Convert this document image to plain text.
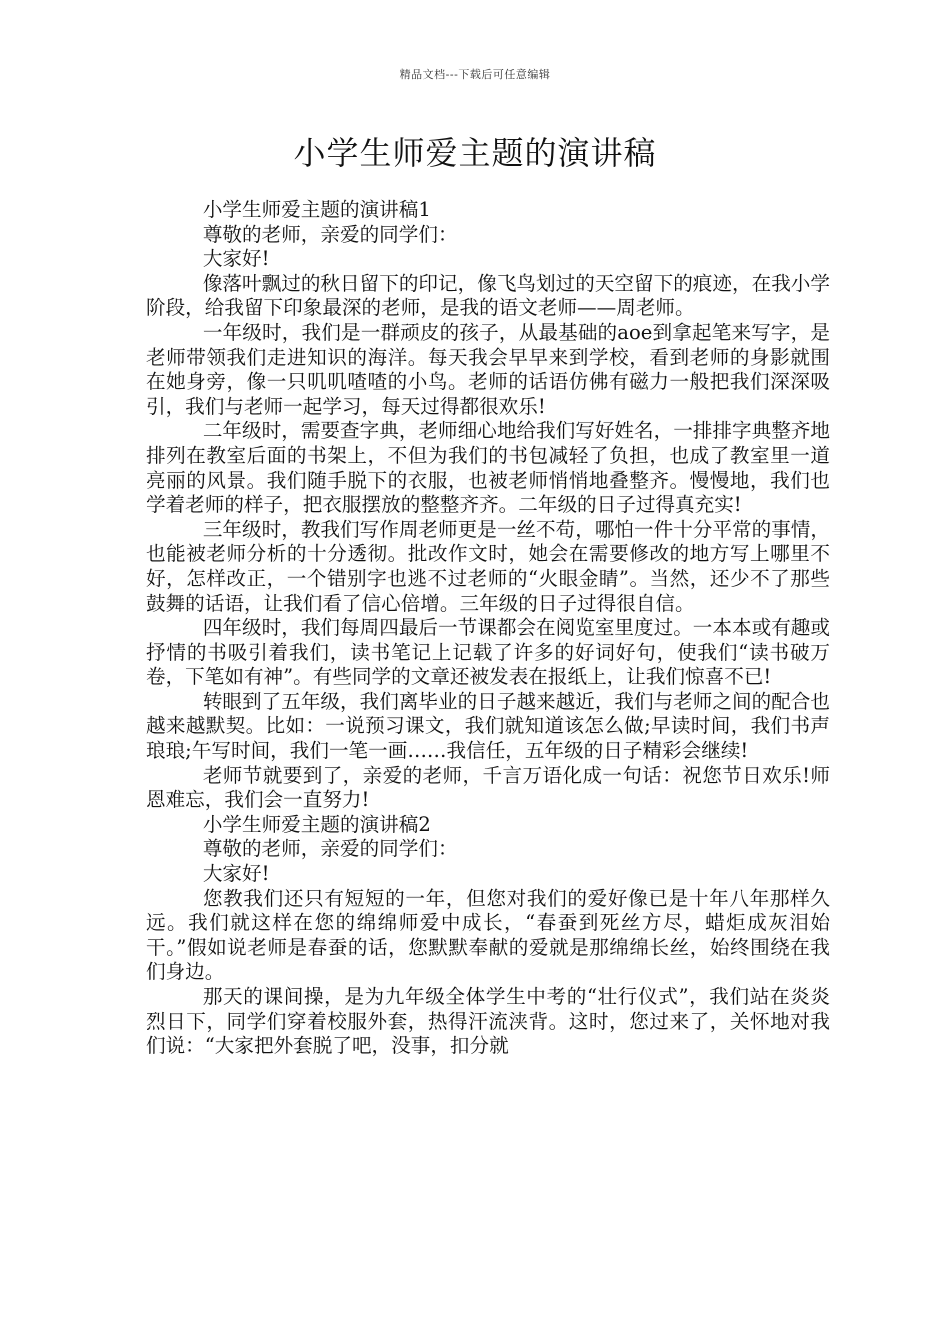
精品文档---下载后可任意编辑
小学生师爱主题的演讲稿

小学生师爱主题的演讲稿1

尊敬的老师，亲爱的同学们：

大家好!

像落叶飘过的秋日留下的印记，像飞鸟划过的天空留下的痕迹，在我小学阶段，给我留下印象最深的老师，是我的语文老师——周老师。

一年级时，我们是一群顽皮的孩子，从最基础的aoe到拿起笔来写字，是老师带领我们走进知识的海洋。每天我会早早来到学校，看到老师的身影就围在她身旁，像一只叽叽喳喳的小鸟。老师的话语仿佛有磁力一般把我们深深吸引，我们与老师一起学习，每天过得都很欢乐!

二年级时，需要查字典，老师细心地给我们写好姓名，一排排字典整齐地排列在教室后面的书架上，不但为我们的书包减轻了负担，也成了教室里一道亮丽的风景。我们随手脱下的衣服，也被老师悄悄地叠整齐。慢慢地，我们也学着老师的样子，把衣服摆放的整整齐齐。二年级的日子过得真充实!

三年级时，教我们写作周老师更是一丝不苟，哪怕一件十分平常的事情，也能被老师分析的十分透彻。批改作文时，她会在需要修改的地方写上哪里不好，怎样改正，一个错别字也逃不过老师的“火眼金睛”。当然，还少不了那些鼓舞的话语，让我们看了信心倍增。三年级的日子过得很自信。

四年级时，我们每周四最后一节课都会在阅览室里度过。一本本或有趣或抒情的书吸引着我们，读书笔记上记载了许多的好词好句，使我们“读书破万卷，下笔如有神”。有些同学的文章还被发表在报纸上，让我们惊喜不已!

转眼到了五年级，我们离毕业的日子越来越近，我们与老师之间的配合也越来越默契。比如：一说预习课文，我们就知道该怎么做;早读时间，我们书声琅琅;午写时间，我们一笔一画……我信任，五年级的日子精彩会继续!

老师节就要到了，亲爱的老师，千言万语化成一句话：祝您节日欢乐!师恩难忘，我们会一直努力!

小学生师爱主题的演讲稿2

尊敬的老师，亲爱的同学们：

大家好!

您教我们还只有短短的一年，但您对我们的爱好像已是十年八年那样久远。我们就这样在您的绵绵师爱中成长，“春蚕到死丝方尽，蜡炬成灰泪始干。”假如说老师是春蚕的话，您默默奉献的爱就是那绵绵长丝，始终围绕在我们身边。

那天的课间操，是为九年级全体学生中考的“壮行仪式”，我们站在炎炎烈日下，同学们穿着校服外套，热得汗流浃背。这时，您过来了，关怀地对我们说：“大家把外套脱了吧，没事，扣分就
